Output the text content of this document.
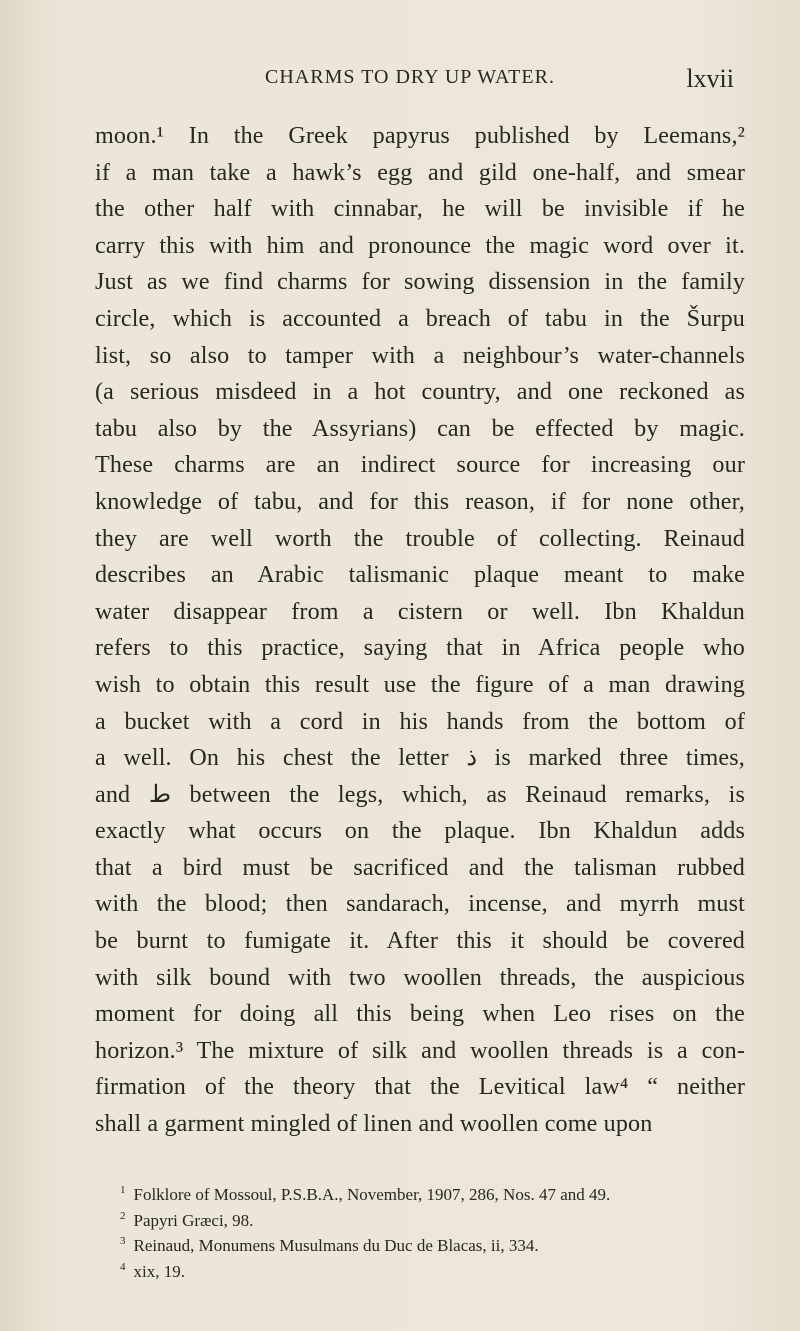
CHARMS TO DRY UP WATER.	lxvii
moon.¹ In the Greek papyrus published by Leemans,²
if a man take a hawk’s egg and gild one-half, and smear
the other half with cinnabar, he will be invisible if he
carry this with him and pronounce the magic word over it.
Just as we find charms for sowing dissension in the family
circle, which is accounted a breach of tabu in the Šurpu
list, so also to tamper with a neighbour’s water-channels
(a serious misdeed in a hot country, and one reckoned as
tabu also by the Assyrians) can be effected by magic.
These charms are an indirect source for increasing our
knowledge of tabu, and for this reason, if for none other,
they are well worth the trouble of collecting. Reinaud
describes an Arabic talismanic plaque meant to make
water disappear from a cistern or well. Ibn Khaldun
refers to this practice, saying that in Africa people who
wish to obtain this result use the figure of a man drawing
a bucket with a cord in his hands from the bottom of
a well. On his chest the letter ذ is marked three times,
and ط between the legs, which, as Reinaud remarks, is
exactly what occurs on the plaque. Ibn Khaldun adds
that a bird must be sacrificed and the talisman rubbed
with the blood; then sandarach, incense, and myrrh must
be burnt to fumigate it. After this it should be covered
with silk bound with two woollen threads, the auspicious
moment for doing all this being when Leo rises on the
horizon.³ The mixture of silk and woollen threads is a con-
firmation of the theory that the Levitical law⁴ “ neither
shall a garment mingled of linen and woollen come upon
$^1$ Folklore of Mossoul, P.S.B.A., November, 1907, 286, Nos. 47 and 49.
$^2$ Papyri Græci, 98.
$^3$ Reinaud, Monumens Musulmans du Duc de Blacas, ii, 334.
$^4$ xix, 19.
